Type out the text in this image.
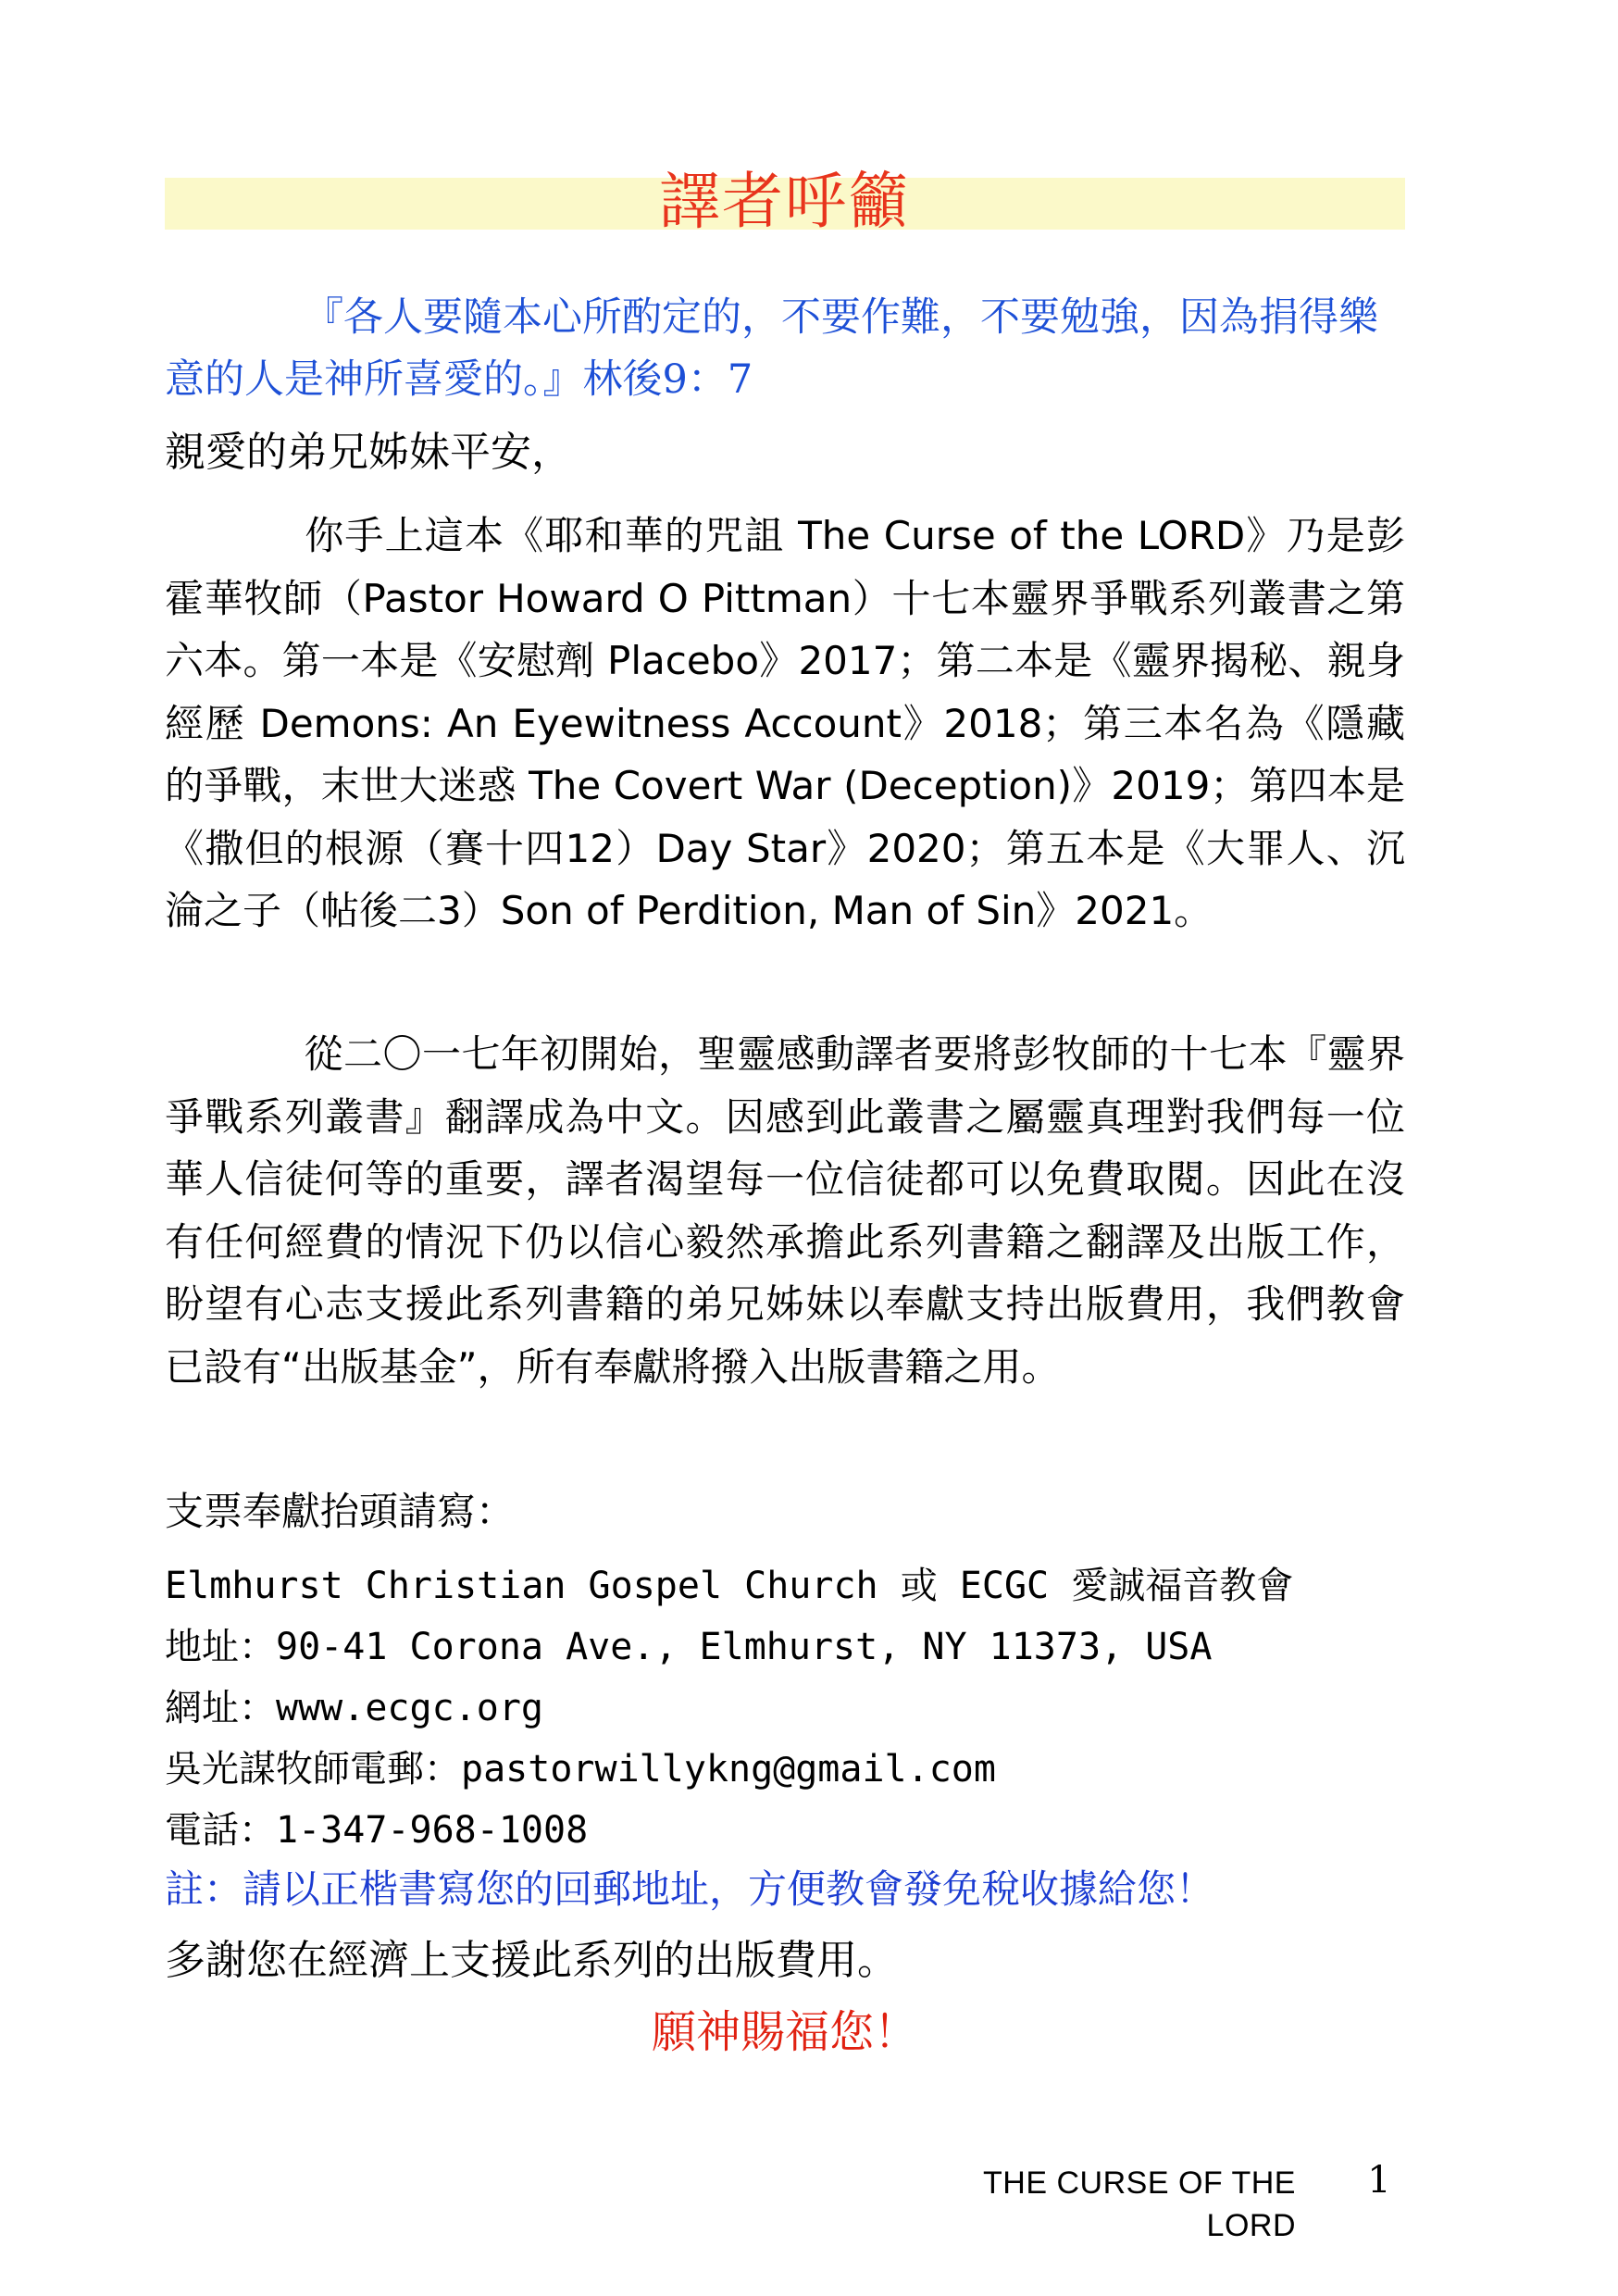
譯者呼籲
『各人要隨本心所酌定的，不要作難，不要勉強，因為捐得樂意的人是神所喜愛的。』林後9：7
親愛的弟兄姊妹平安，
你手上這本《耶和華的咒詛 The Curse of the LORD》乃是彭霍華牧師（Pastor Howard O Pittman）十七本靈界爭戰系列叢書之第六本。第一本是《安慰劑 Placebo》2017；第二本是《靈界揭秘、親身經歷 Demons: An Eyewitness Account》2018；第三本名為《隱藏的爭戰，末世大迷惑 The Covert War (Deception)》2019；第四本是《撒但的根源（賽十四12）Day Star》2020；第五本是《大罪人、沉淪之子（帖後二3）Son of Perdition, Man of Sin》2021。
從二〇一七年初開始，聖靈感動譯者要將彭牧師的十七本『靈界爭戰系列叢書』翻譯成為中文。因感到此叢書之屬靈真理對我們每一位華人信徒何等的重要，譯者渴望每一位信徒都可以免費取閱。因此在沒有任何經費的情況下仍以信心毅然承擔此系列書籍之翻譯及出版工作，盼望有心志支援此系列書籍的弟兄姊妹以奉獻支持出版費用，我們教會已設有“出版基金”，所有奉獻將撥入出版書籍之用。
支票奉獻抬頭請寫：
Elmhurst Christian Gospel Church 或 ECGC 愛誠福音教會
地址：90-41 Corona Ave., Elmhurst, NY 11373, USA
網址：www.ecgc.org
吳光謀牧師電郵：pastorwillykng@gmail.com
電話：1-347-968-1008
註：請以正楷書寫您的回郵地址，方便教會發免稅收據給您！
多謝您在經濟上支援此系列的出版費用。
願神賜福您！
THE CURSE OF THE LORD
1
